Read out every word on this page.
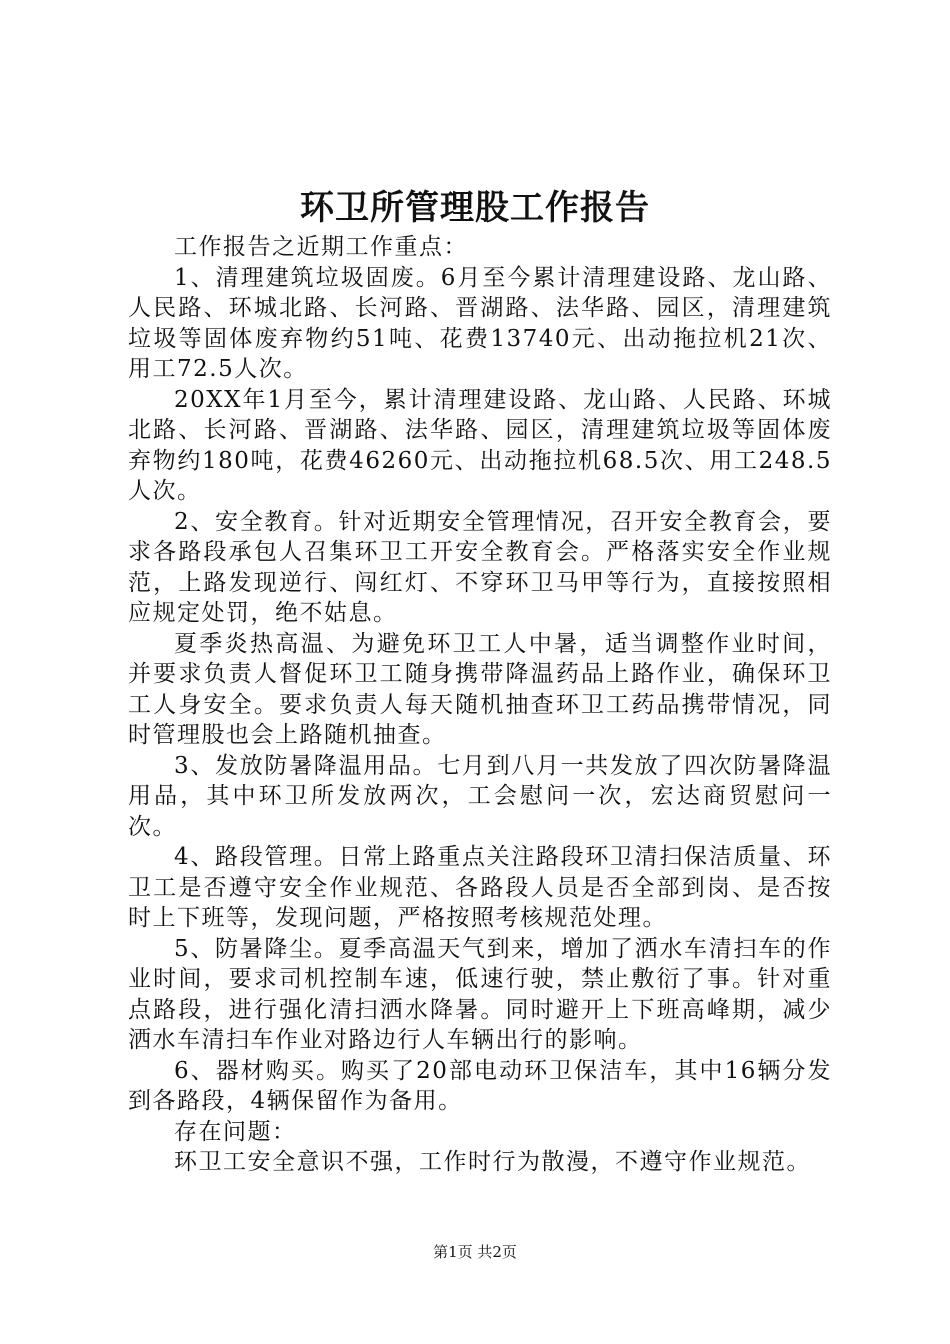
环卫所管理股工作报告

工作报告之近期工作重点：

1、清理建筑垃圾固废。6月至今累计清理建设路、龙山路、人民路、环城北路、长河路、晋湖路、法华路、园区，清理建筑垃圾等固体废弃物约51吨、花费13740元、出动拖拉机21次、用工72.5人次。

20XX年1月至今，累计清理建设路、龙山路、人民路、环城北路、长河路、晋湖路、法华路、园区，清理建筑垃圾等固体废弃物约180吨，花费46260元、出动拖拉机68.5次、用工248.5人次。

2、安全教育。针对近期安全管理情况，召开安全教育会，要求各路段承包人召集环卫工开安全教育会。严格落实安全作业规范，上路发现逆行、闯红灯、不穿环卫马甲等行为，直接按照相应规定处罚，绝不姑息。

夏季炎热高温、为避免环卫工人中暑，适当调整作业时间，并要求负责人督促环卫工随身携带降温药品上路作业，确保环卫工人身安全。要求负责人每天随机抽查环卫工药品携带情况，同时管理股也会上路随机抽查。

3、发放防暑降温用品。七月到八月一共发放了四次防暑降温用品，其中环卫所发放两次，工会慰问一次，宏达商贸慰问一次。

4、路段管理。日常上路重点关注路段环卫清扫保洁质量、环卫工是否遵守安全作业规范、各路段人员是否全部到岗、是否按时上下班等，发现问题，严格按照考核规范处理。

5、防暑降尘。夏季高温天气到来，增加了洒水车清扫车的作业时间，要求司机控制车速，低速行驶，禁止敷衍了事。针对重点路段，进行强化清扫洒水降暑。同时避开上下班高峰期，减少洒水车清扫车作业对路边行人车辆出行的影响。

6、器材购买。购买了20部电动环卫保洁车，其中16辆分发到各路段，4辆保留作为备用。

存在问题：

环卫工安全意识不强，工作时行为散漫，不遵守作业规范。

第1页 共2页
